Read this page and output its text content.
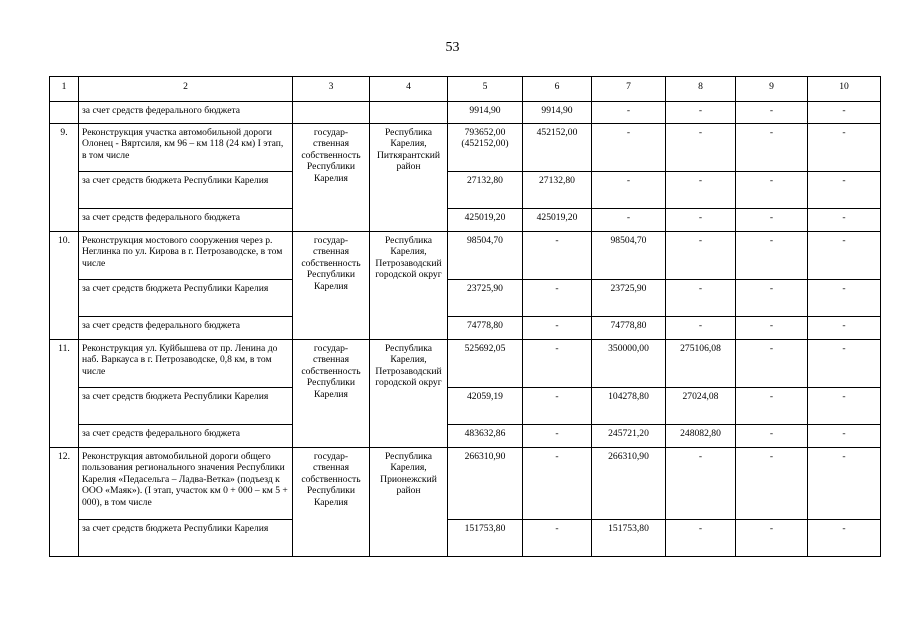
53
1	2	3	4	5	6	7	8	9	10
	за счет средств федерального бюджета			9914,90	9914,90	-	-	-	-
9.	Реконструкция участка автомобильной дороги Олонец - Вяртсиля, км 96 – км 118 (24 км) I этап, в том числе	государ-ственная собственность Республики Карелия	Республика Карелия, Питкярантский район	793652,00 (452152,00)	452152,00	-	-	-	-
	за счет средств бюджета Республики Карелия			27132,80	27132,80	-	-	-	-
	за счет средств федерального бюджета			425019,20	425019,20	-	-	-	-
10.	Реконструкция мостового сооружения через р. Неглинка по ул. Кирова в г. Петрозаводске, в том числе	государ-ственная собственность Республики Карелия	Республика Карелия, Петрозаводский городской округ	98504,70	-	98504,70	-	-	-
	за счет средств бюджета Республики Карелия			23725,90	-	23725,90	-	-	-
	за счет средств федерального бюджета			74778,80	-	74778,80	-	-	-
11.	Реконструкция ул. Куйбышева от пр. Ленина до наб. Варкауса в г. Петрозаводске, 0,8 км, в том числе	государ-ственная собственность Республики Карелия	Республика Карелия, Петрозаводский городской округ	525692,05	-	350000,00	275106,08	-	-
	за счет средств бюджета Республики Карелия			42059,19	-	104278,80	27024,08	-	-
	за счет средств федерального бюджета			483632,86	-	245721,20	248082,80	-	-
12.	Реконструкция автомобильной дороги общего пользования регионального значения Республики Карелия «Педасельга – Ладва-Ветка» (подъезд к ООО «Маяк»). (I этап, участок км 0 + 000 – км 5 + 000), в том числе	государ-ственная собственность Республики Карелия	Республика Карелия, Прионежский район	266310,90	-	266310,90	-	-	-
	за счет средств бюджета Республики Карелия			151753,80	-	151753,80	-	-	-
